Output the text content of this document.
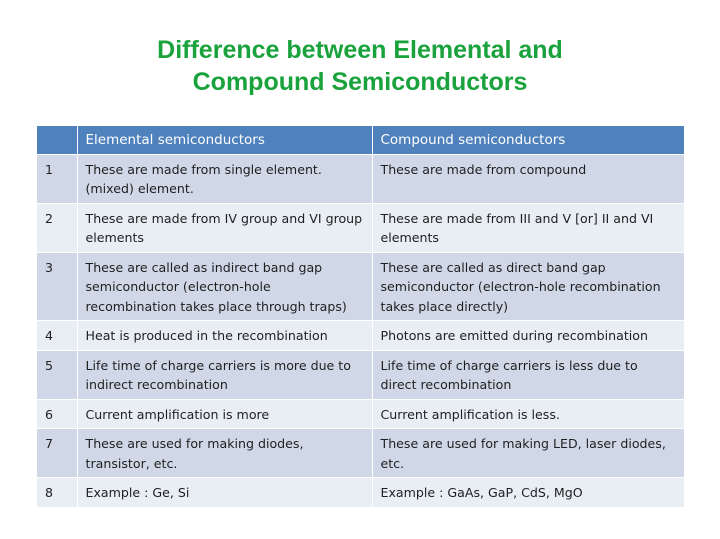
Difference between Elemental and
Compound Semiconductors
	Elemental semiconductors	Compound semiconductors
1	These are made from single element. (mixed) element.	These are made from compound
2	These are made from IV group and VI group elements	These are made from III and V [or] II and VI elements
3	These are called as indirect band gap semiconductor (electron-hole recombination takes place through traps)	These are called as direct band gap semiconductor (electron-hole recombination takes place directly)
4	Heat is produced in the recombination	Photons are emitted during recombination
5	Life time of charge carriers is more due to indirect recombination	Life time of charge carriers is less due to direct recombination
6	Current amplification is more	Current amplification is less.
7	These are used for making diodes, transistor, etc.	These are used for making LED, laser diodes, etc.
8	Example : Ge, Si	Example : GaAs, GaP, CdS, MgO
